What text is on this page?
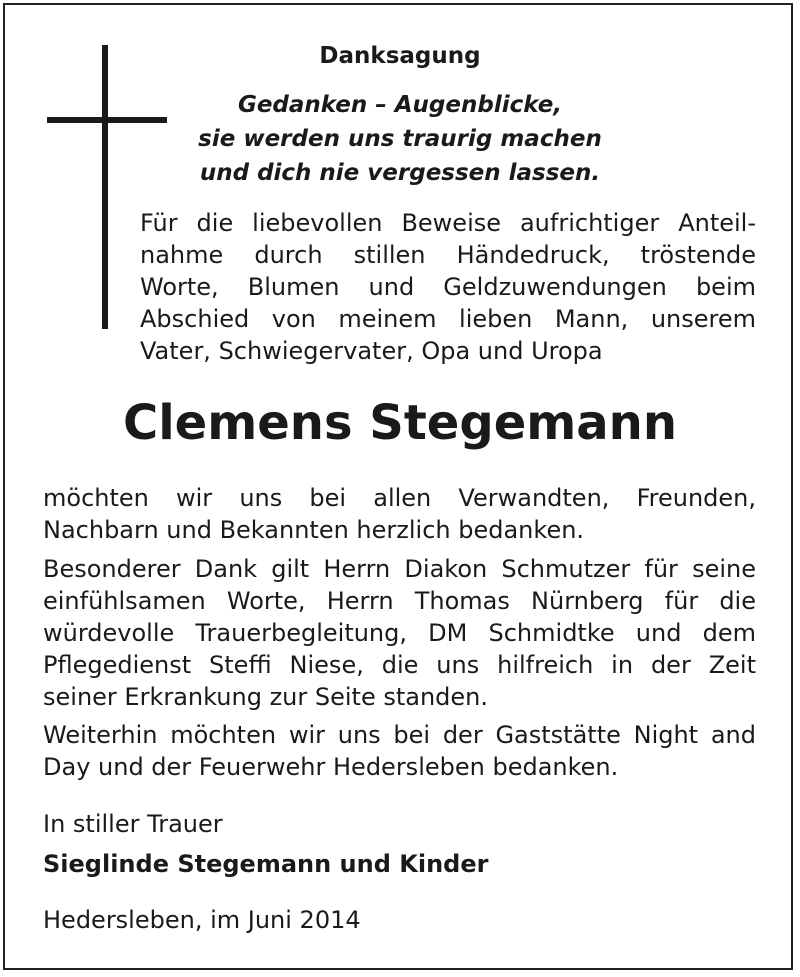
Danksagung

Gedanken – Augenblicke,
sie werden uns traurig machen
und dich nie vergessen lassen.

Für die liebevollen Beweise aufrichtiger Anteil-
nahme durch stillen Händedruck, tröstende
Worte, Blumen und Geldzuwendungen beim
Abschied von meinem lieben Mann, unserem
Vater, Schwiegervater, Opa und Uropa

Clemens Stegemann

möchten wir uns bei allen Verwandten, Freunden,
Nachbarn und Bekannten herzlich bedanken.

Besonderer Dank gilt Herrn Diakon Schmutzer für seine
einfühlsamen Worte, Herrn Thomas Nürnberg für die
würdevolle Trauerbegleitung, DM Schmidtke und dem
Pflegedienst Steffi Niese, die uns hilfreich in der Zeit
seiner Erkrankung zur Seite standen.

Weiterhin möchten wir uns bei der Gaststätte Night and
Day und der Feuerwehr Hedersleben bedanken.

In stiller Trauer

Sieglinde Stegemann und Kinder

Hedersleben, im Juni 2014
